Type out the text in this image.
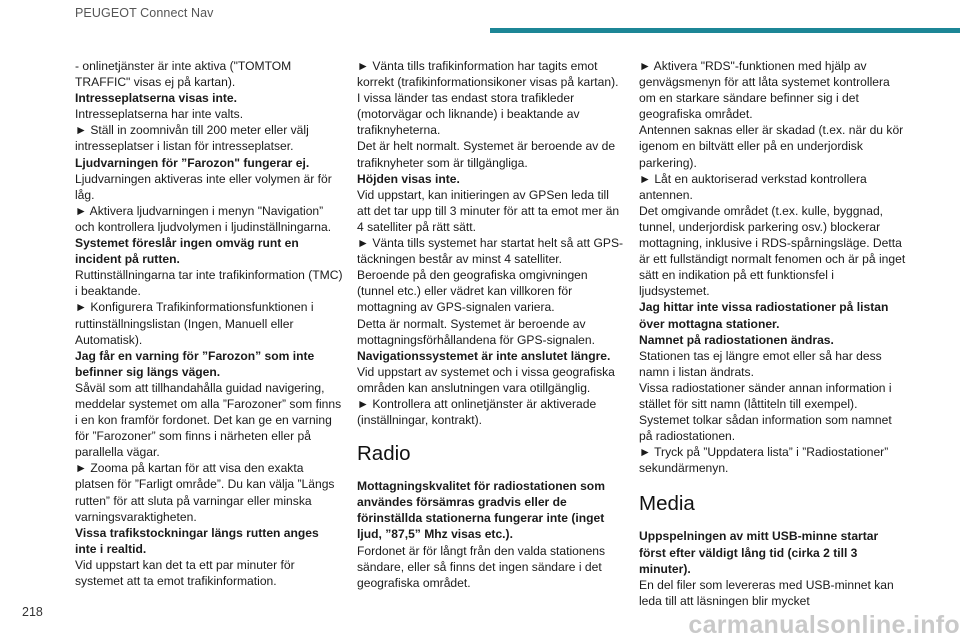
PEUGEOT Connect Nav

- onlinetjänster är inte aktiva ("TOMTOM TRAFFIC" visas ej på kartan).

Intresseplatserna visas inte.

Intresseplatserna har inte valts.

► Ställ in zoomnivån till 200 meter eller välj intresseplatser i listan för intresseplatser.

Ljudvarningen för ”Farozon" fungerar ej.

Ljudvarningen aktiveras inte eller volymen är för låg.

► Aktivera ljudvarningen i menyn "Navigation” och kontrollera ljudvolymen i ljudinställningarna.

Systemet föreslår ingen omväg runt en incident på rutten.

Ruttinställningarna tar inte trafikinformation (TMC) i beaktande.

► Konfigurera Trafikinformationsfunktionen i ruttinställningslistan (Ingen, Manuell eller Automatisk).

Jag får en varning för ”Farozon” som inte befinner sig längs vägen.

Såväl som att tillhandahålla guidad navigering, meddelar systemet om alla ”Farozoner” som finns i en kon framför fordonet. Det kan ge en varning för ”Farozoner” som finns i närheten eller på parallella vägar.

► Zooma på kartan för att visa den exakta platsen för ”Farligt område”. Du kan välja ”Längs rutten” för att sluta på varningar eller minska varningsvaraktigheten.

Vissa trafikstockningar längs rutten anges inte i realtid.

Vid uppstart kan det ta ett par minuter för systemet att ta emot trafikinformation.

► Vänta tills trafikinformation har tagits emot korrekt (trafikinformationsikoner visas på kartan).

I vissa länder tas endast stora trafikleder (motorvägar och liknande) i beaktande av trafiknyheterna.

Det är helt normalt. Systemet är beroende av de trafiknyheter som är tillgängliga.

Höjden visas inte.

Vid uppstart, kan initieringen av GPSen leda till att det tar upp till 3 minuter för att ta emot mer än 4 satelliter på rätt sätt.

► Vänta tills systemet har startat helt så att GPS-täckningen består av minst 4 satelliter.

Beroende på den geografiska omgivningen (tunnel etc.) eller vädret kan villkoren för mottagning av GPS-signalen variera.

Detta är normalt. Systemet är beroende av mottagningsförhållandena för GPS-signalen.

Navigationssystemet är inte anslutet längre.

Vid uppstart av systemet och i vissa geografiska områden kan anslutningen vara otillgänglig.

► Kontrollera att onlinetjänster är aktiverade (inställningar, kontrakt).

Radio

Mottagningskvalitet för radiostationen som användes försämras gradvis eller de förinställda stationerna fungerar inte (inget ljud, ”87,5” Mhz visas etc.).

Fordonet är för långt från den valda stationens sändare, eller så finns det ingen sändare i det geografiska området.

► Aktivera "RDS"-funktionen med hjälp av genvägsmenyn för att låta systemet kontrollera om en starkare sändare befinner sig i det geografiska området.

Antennen saknas eller är skadad (t.ex. när du kör igenom en biltvätt eller på en underjordisk parkering).

► Låt en auktoriserad verkstad kontrollera antennen.

Det omgivande området (t.ex. kulle, byggnad, tunnel, underjordisk parkering osv.) blockerar mottagning, inklusive i RDS-spårningsläge. Detta är ett fullständigt normalt fenomen och är på inget sätt en indikation på ett funktionsfel i ljudsystemet.

Jag hittar inte vissa radiostationer på listan över mottagna stationer.

Namnet på radiostationen ändras.

Stationen tas ej längre emot eller så har dess namn i listan ändrats.

Vissa radiostationer sänder annan information i stället för sitt namn (låttiteln till exempel). Systemet tolkar sådan information som namnet på radiostationen.

► Tryck på ”Uppdatera lista” i ”Radiostationer” sekundärmenyn.

Media

Uppspelningen av mitt USB-minne startar först efter väldigt lång tid (cirka 2 till 3 minuter).

En del filer som levereras med USB-minnet kan leda till att läsningen blir mycket

218	carmanualsonline.info
